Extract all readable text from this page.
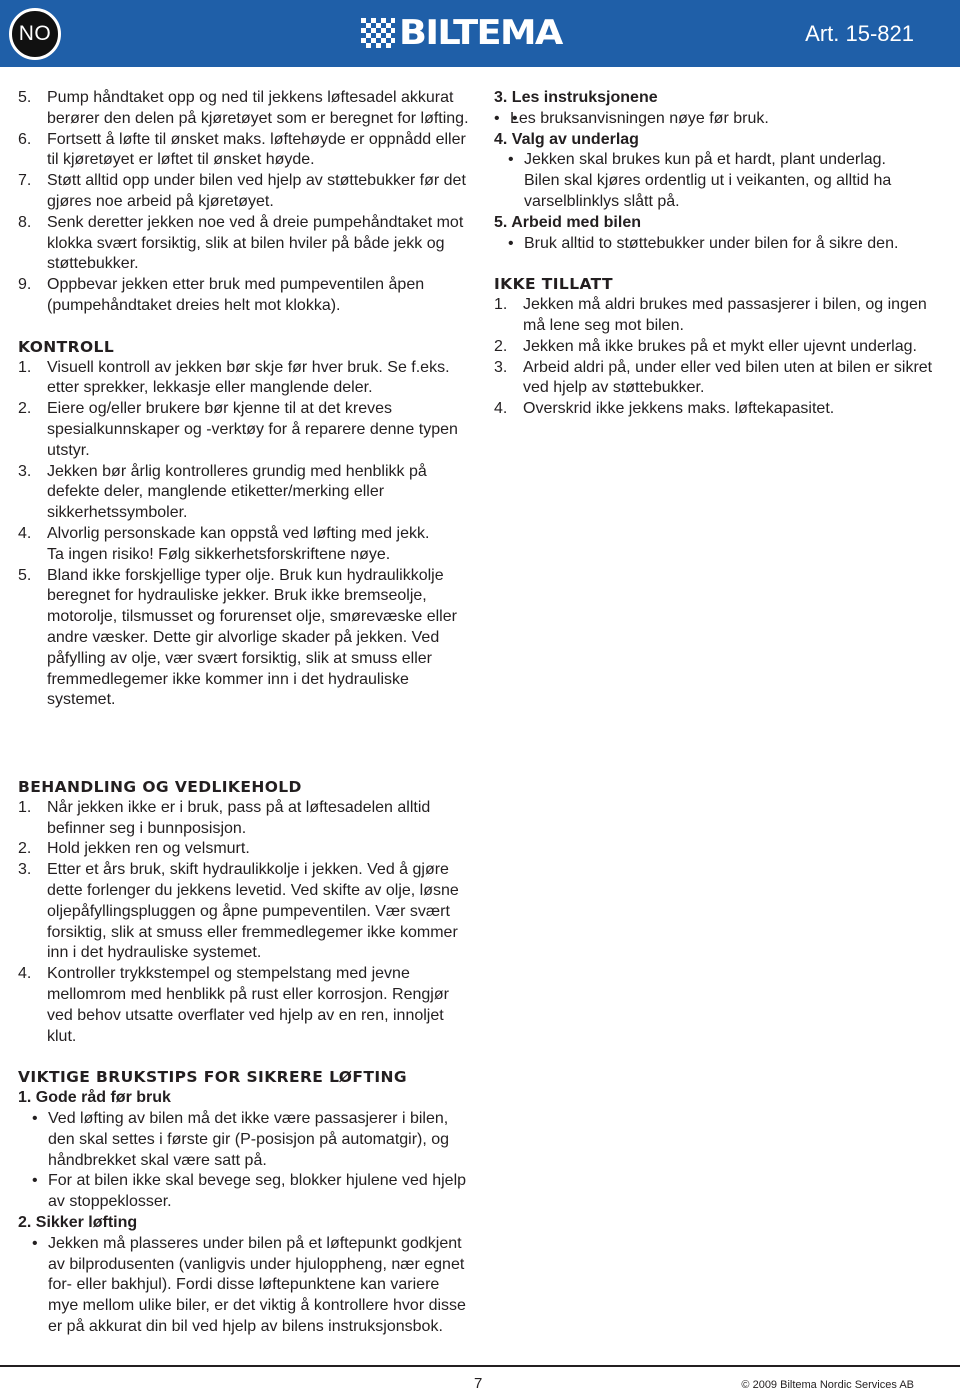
NO	BILTEMA	Art. 15-821
5. Pump håndtaket opp og ned til jekkens løftesadel akkurat berører den delen på kjøretøyet som er beregnet for løfting.
6. Fortsett å løfte til ønsket maks. løftehøyde er oppnådd eller til kjøretøyet er løftet til ønsket høyde.
7. Støtt alltid opp under bilen ved hjelp av støttebukker før det gjøres noe arbeid på kjøretøyet.
8. Senk deretter jekken noe ved å dreie pumpehåndtaket mot klokka svært forsiktig, slik at bilen hviler på både jekk og støttebukker.
9. Oppbevar jekken etter bruk med pumpeventilen åpen (pumpehåndtaket dreies helt mot klokka).
KONTROLL
1. Visuell kontroll av jekken bør skje før hver bruk. Se f.eks. etter sprekker, lekkasje eller manglende deler.
2. Eiere og/eller brukere bør kjenne til at det kreves spesialkunnskaper og -verktøy for å reparere denne typen utstyr.
3. Jekken bør årlig kontrolleres grundig med henblikk på defekte deler, manglende etiketter/merking eller sikkerhetssymboler.
4. Alvorlig personskade kan oppstå ved løfting med jekk.
Ta ingen risiko! Følg sikkerhetsforskriftene nøye.
5. Bland ikke forskjellige typer olje. Bruk kun hydraulikkolje beregnet for hydrauliske jekker. Bruk ikke bremseolje, motorolje, tilsmusset og forurenset olje, smørevæske eller andre væsker. Dette gir alvorlige skader på jekken. Ved påfylling av olje, vær svært forsiktig, slik at smuss eller fremmedlegemer ikke kommer inn i det hydrauliske systemet.
BEHANDLING OG VEDLIKEHOLD
1. Når jekken ikke er i bruk, pass på at løftesadelen alltid befinner seg i bunnposisjon.
2. Hold jekken ren og velsmurt.
3. Etter et års bruk, skift hydraulikkolje i jekken. Ved å gjøre dette forlenger du jekkens levetid. Ved skifte av olje, løsne oljepåfyllingspluggen og åpne pumpeventilen. Vær svært forsiktig, slik at smuss eller fremmedlegemer ikke kommer inn i det hydrauliske systemet.
4. Kontroller trykkstempel og stempelstang med jevne mellomrom med henblikk på rust eller korrosjon. Rengjør ved behov utsatte overflater ved hjelp av en ren, innoljet klut.
VIKTIGE BRUKSTIPS FOR SIKRERE LØFTING
1. Gode råd før bruk
• Ved løfting av bilen må det ikke være passasjerer i bilen, den skal settes i første gir (P-posisjon på automatgir), og håndbrekket skal være satt på.
• For at bilen ikke skal bevege seg, blokker hjulene ved hjelp av stoppeklosser.
2. Sikker løfting
• Jekken må plasseres under bilen på et løftepunkt godkjent av bilprodusenten (vanligvis under hjuloppheng, nær egnet for- eller bakhjul). Fordi disse løftepunktene kan variere mye mellom ulike biler, er det viktig å kontrollere hvor disse er på akkurat din bil ved hjelp av bilens instruksjonsbok.
3. Les instruksjonene
• • Les bruksanvisningen nøye før bruk.
4. Valg av underlag
• Jekken skal brukes kun på et hardt, plant underlag.
Bilen skal kjøres ordentlig ut i veikanten, og alltid ha varselblinklys slått på.
5. Arbeid med bilen
• Bruk alltid to støttebukker under bilen for å sikre den.
IKKE TILLATT
1. Jekken må aldri brukes med passasjerer i bilen, og ingen må lene seg mot bilen.
2. Jekken må ikke brukes på et mykt eller ujevnt underlag.
3. Arbeid aldri på, under eller ved bilen uten at bilen er sikret ved hjelp av støttebukker.
4. Overskrid ikke jekkens maks. løftekapasitet.
7	© 2009 Biltema Nordic Services AB
